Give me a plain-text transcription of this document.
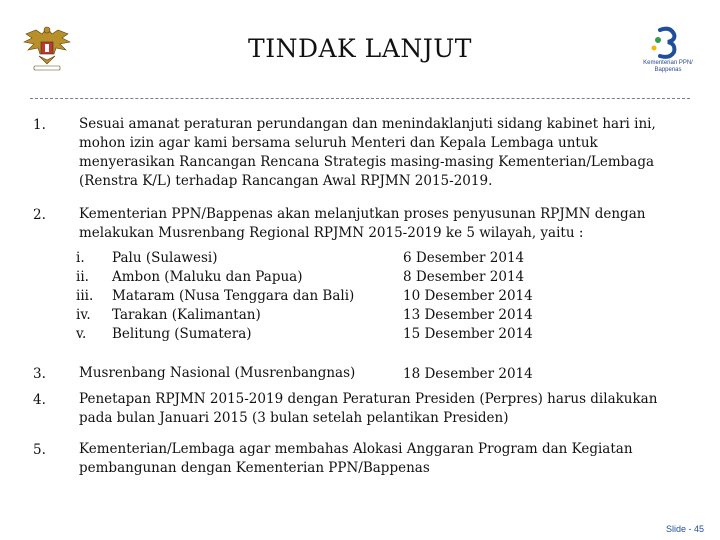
TINDAK LANJUT	Kementerian PPN/
Bappenas
1. Sesuai amanat peraturan perundangan dan menindaklanjuti sidang kabinet hari ini, mohon izin agar kami bersama seluruh Menteri dan Kepala Lembaga untuk menyerasikan Rancangan Rencana Strategis masing-masing Kementerian/Lembaga (Renstra K/L) terhadap Rancangan Awal RPJMN 2015-2019.
2. Kementerian PPN/Bappenas akan melanjutkan proses penyusunan RPJMN dengan melakukan Musrenbang Regional RPJMN 2015-2019 ke 5 wilayah, yaitu :
i. Palu (Sulawesi)	6 Desember 2014
ii. Ambon (Maluku dan Papua)	8 Desember 2014
iii. Mataram (Nusa Tenggara dan Bali)	10 Desember 2014
iv. Tarakan (Kalimantan)	13 Desember 2014
v. Belitung (Sumatera)	15 Desember 2014
3. Musrenbang Nasional (Musrenbangnas)	18 Desember 2014
4. Penetapan RPJMN 2015-2019 dengan Peraturan Presiden (Perpres) harus dilakukan pada bulan Januari 2015 (3 bulan setelah pelantikan Presiden)
5. Kementerian/Lembaga agar membahas Alokasi Anggaran Program dan Kegiatan pembangunan dengan Kementerian PPN/Bappenas
Slide - 45
